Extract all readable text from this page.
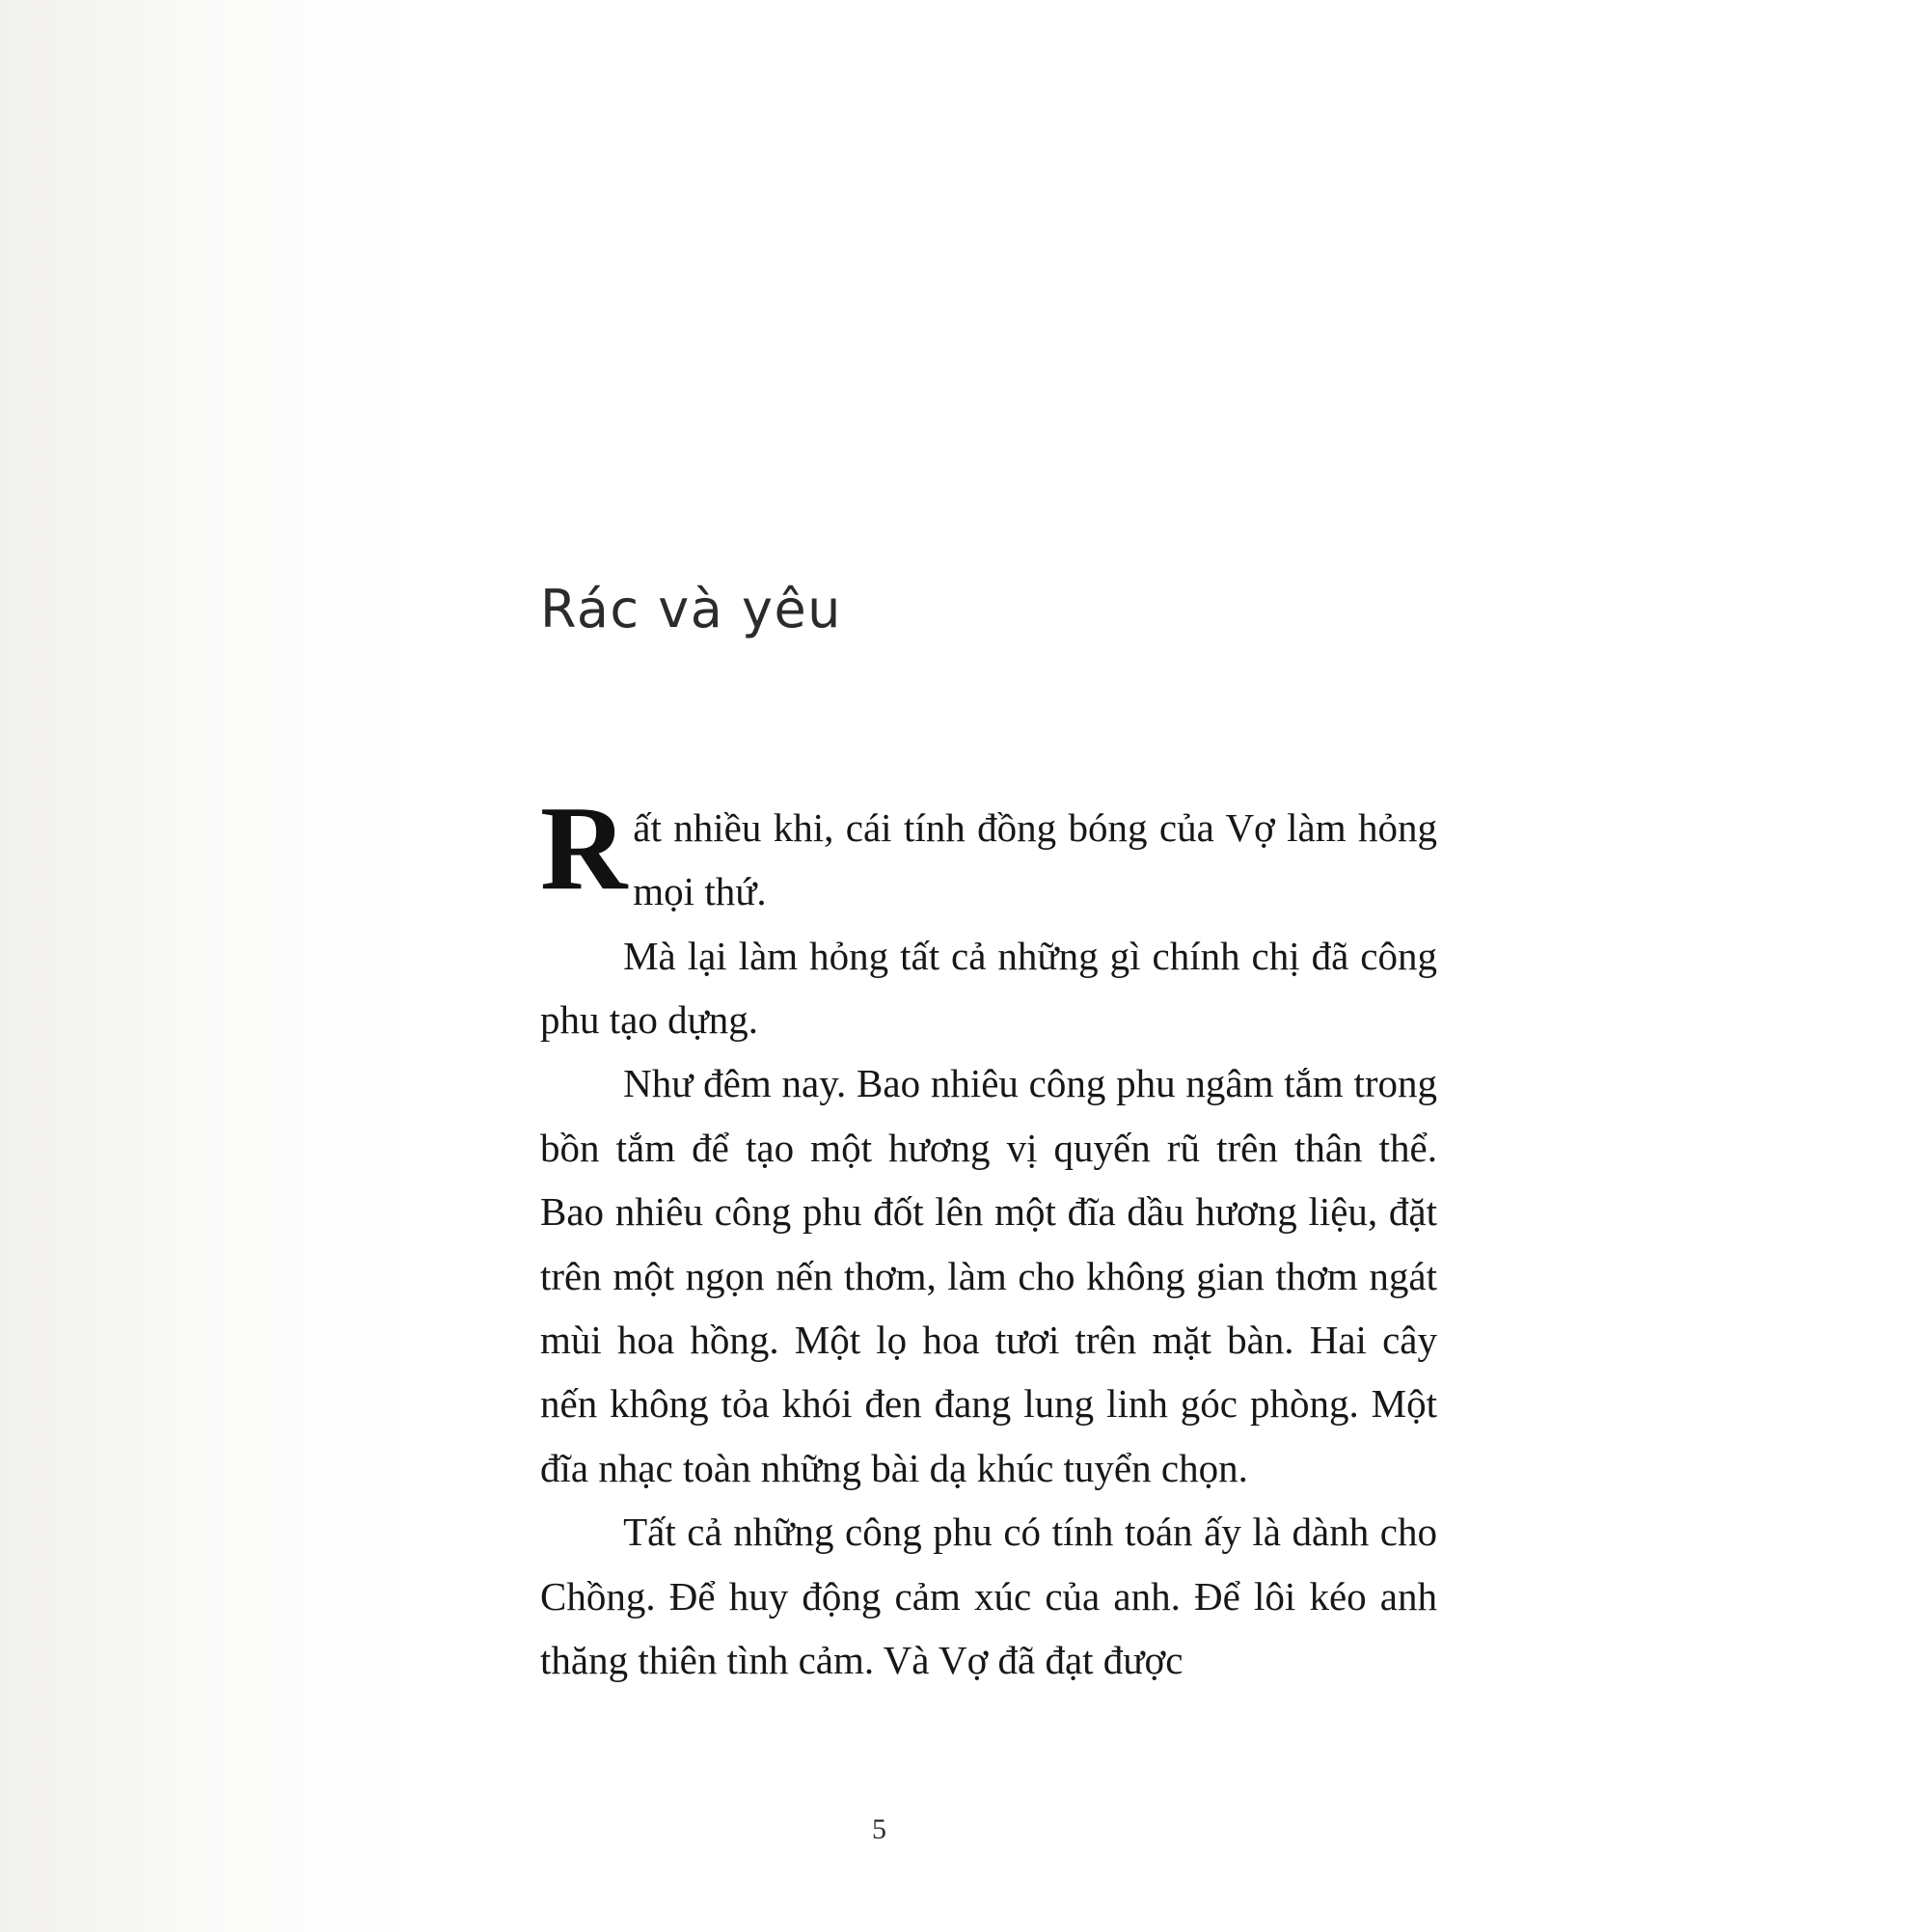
Rác và yêu

Rất nhiều khi, cái tính đồng bóng của Vợ làm hỏng mọi thứ.

Mà lại làm hỏng tất cả những gì chính chị đã công phu tạo dựng.

Như đêm nay. Bao nhiêu công phu ngâm tắm trong bồn tắm để tạo một hương vị quyến rũ trên thân thể. Bao nhiêu công phu đốt lên một đĩa dầu hương liệu, đặt trên một ngọn nến thơm, làm cho không gian thơm ngát mùi hoa hồng. Một lọ hoa tươi trên mặt bàn. Hai cây nến không tỏa khói đen đang lung linh góc phòng. Một đĩa nhạc toàn những bài dạ khúc tuyển chọn.

Tất cả những công phu có tính toán ấy là dành cho Chồng. Để huy động cảm xúc của anh. Để lôi kéo anh thăng thiên tình cảm. Và Vợ đã đạt được

5
